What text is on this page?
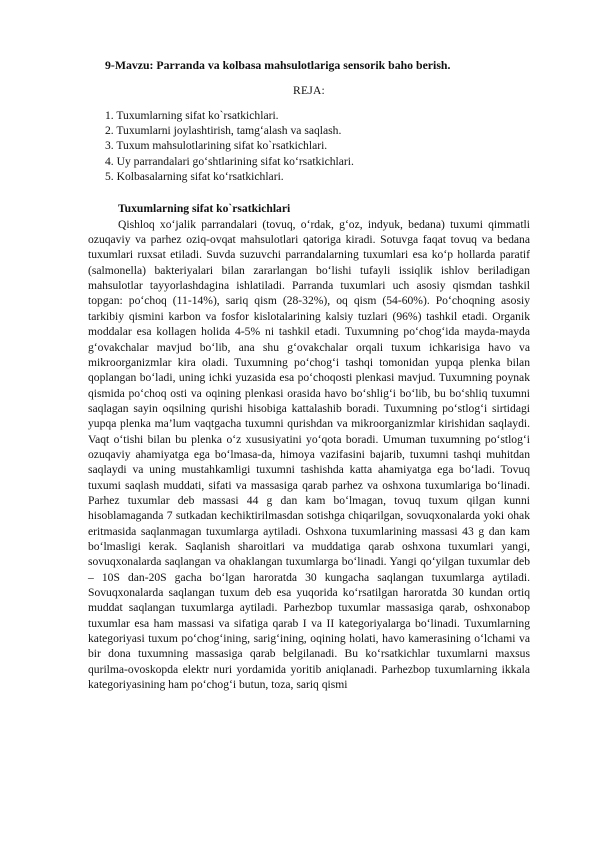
9-Mavzu: Parranda va kolbasa mahsulotlariga sensorik baho berish.

REJA:
1. Tuxumlarning sifat ko`rsatkichlari.
2. Tuxumlarni joylashtirish, tamg‘alash va saqlash.
3. Tuxum mahsulotlarining sifat ko`rsatkichlari.
4. Uy parrandalari go‘shtlarining sifat ko‘rsatkichlari.
5. Kolbasalarning sifat ko‘rsatkichlari.

Tuxumlarning sifat ko`rsatkichlari

Qishloq xo‘jalik parrandalari (tovuq, o‘rdak, g‘oz, indyuk, bedana) tuxumi qimmatli ozuqaviy va parhez oziq-ovqat mahsulotlari qatoriga kiradi. Sotuvga faqat tovuq va bedana tuxumlari ruxsat etiladi. Suvda suzuvchi parrandalarning tuxumlari esa ko‘p hollarda paratif (salmonella) bakteriyalari bilan zararlangan bo‘lishi tufayli issiqlik ishlov beriladigan mahsulotlar tayyorlashdagina ishlatiladi. Parranda tuxumlari uch asosiy qismdan tashkil topgan: po‘choq (11-14%), sariq qism (28-32%), oq qism (54-60%). Po‘choqning asosiy tarkibiy qismini karbon va fosfor kislotalarining kalsiy tuzlari (96%) tashkil etadi. Organik moddalar esa kollagen holida 4-5% ni tashkil etadi. Tuxumning po‘chog‘ida mayda-mayda g‘ovakchalar mavjud bo‘lib, ana shu g‘ovakchalar orqali tuxum ichkarisiga havo va mikroorganizmlar kira oladi. Tuxumning po‘chog‘i tashqi tomonidan yupqa plenka bilan qoplangan bo‘ladi, uning ichki yuzasida esa po‘choqosti plenkasi mavjud. Tuxumning poynak qismida po‘choq osti va oqining plenkasi orasida havo bo‘shlig‘i bo‘lib, bu bo‘shliq tuxumni saqlagan sayin oqsilning qurishi hisobiga kattalashib boradi. Tuxumning po‘stlog‘i sirtidagi yupqa plenka ma’lum vaqtgacha tuxumni qurishdan va mikroorganizmlar kirishidan saqlaydi. Vaqt o‘tishi bilan bu plenka o‘z xususiyatini yo‘qota boradi. Umuman tuxumning po‘stlog‘i ozuqaviy ahamiyatga ega bo‘lmasa-da, himoya vazifasini bajarib, tuxumni tashqi muhitdan saqlaydi va uning mustahkamligi tuxumni tashishda katta ahamiyatga ega bo‘ladi. Tovuq tuxumi saqlash muddati, sifati va massasiga qarab parhez va oshxona tuxumlariga bo‘linadi. Parhez tuxumlar deb massasi 44 g dan kam bo‘lmagan, tovuq tuxum qilgan kunni hisoblamaganda 7 sutkadan kechiktirilmasdan sotishga chiqarilgan, sovuqxonalarda yoki ohak eritmasida saqlanmagan tuxumlarga aytiladi. Oshxona tuxumlarining massasi 43 g dan kam bo‘lmasligi kerak. Saqlanish sharoitlari va muddatiga qarab oshxona tuxumlari yangi, sovuqxonalarda saqlangan va ohaklangan tuxumlarga bo‘linadi. Yangi qo‘yilgan tuxumlar deb – 10S dan-20S gacha bo‘lgan haroratda 30 kungacha saqlangan tuxumlarga aytiladi. Sovuqxonalarda saqlangan tuxum deb esa yuqorida ko‘rsatilgan haroratda 30 kundan ortiq muddat saqlangan tuxumlarga aytiladi. Parhezbop tuxumlar massasiga qarab, oshxonabop tuxumlar esa ham massasi va sifatiga qarab I va II kategoriyalarga bo‘linadi. Tuxumlarning kategoriyasi tuxum po‘chog‘ining, sarig‘ining, oqining holati, havo kamerasining o‘lchami va bir dona tuxumning massasiga qarab belgilanadi. Bu ko‘rsatkichlar tuxumlarni maxsus qurilma-ovoskopda elektr nuri yordamida yoritib aniqlanadi. Parhezbop tuxumlarning ikkala kategoriyasining ham po‘chog‘i butun, toza, sariq qismi
